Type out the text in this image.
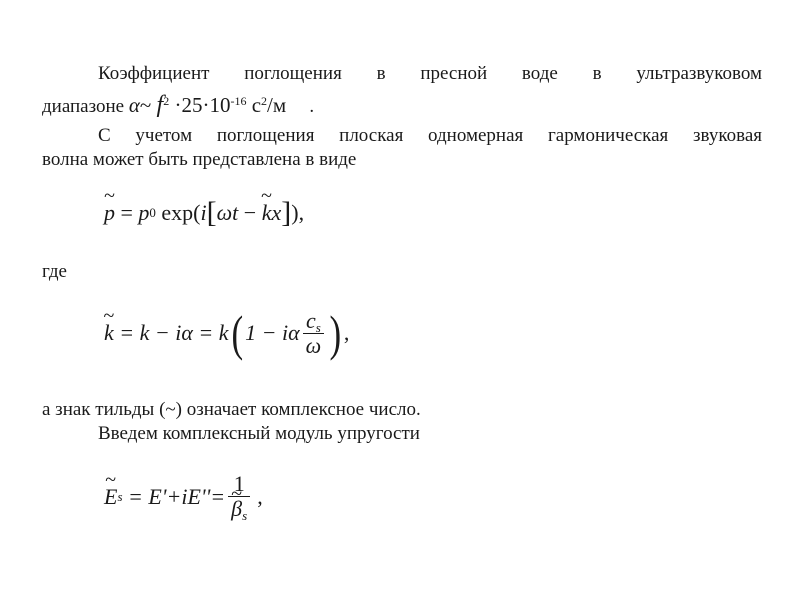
Коэффициент поглощения в пресной воде в ультразвуковом
диапазоне α~ $f^2 \cdot 25\cdot 10^{-16}$ $с^2/м$ .
С учетом поглощения плоская одномерная гармоническая звуковая
волна может быть представлена в виде
~ p = p 0 exp( i [ ωt −
~ k x ] ),
где
~ k = k − iα = k ( 1 − iα $\frac{c_s}{\omega}$ ) ,
а знак тильды (~) означает комплексное число.
Введем комплексный модуль упругости
~ E s = E'+iE''= 1
~ $\beta_s$ ,
